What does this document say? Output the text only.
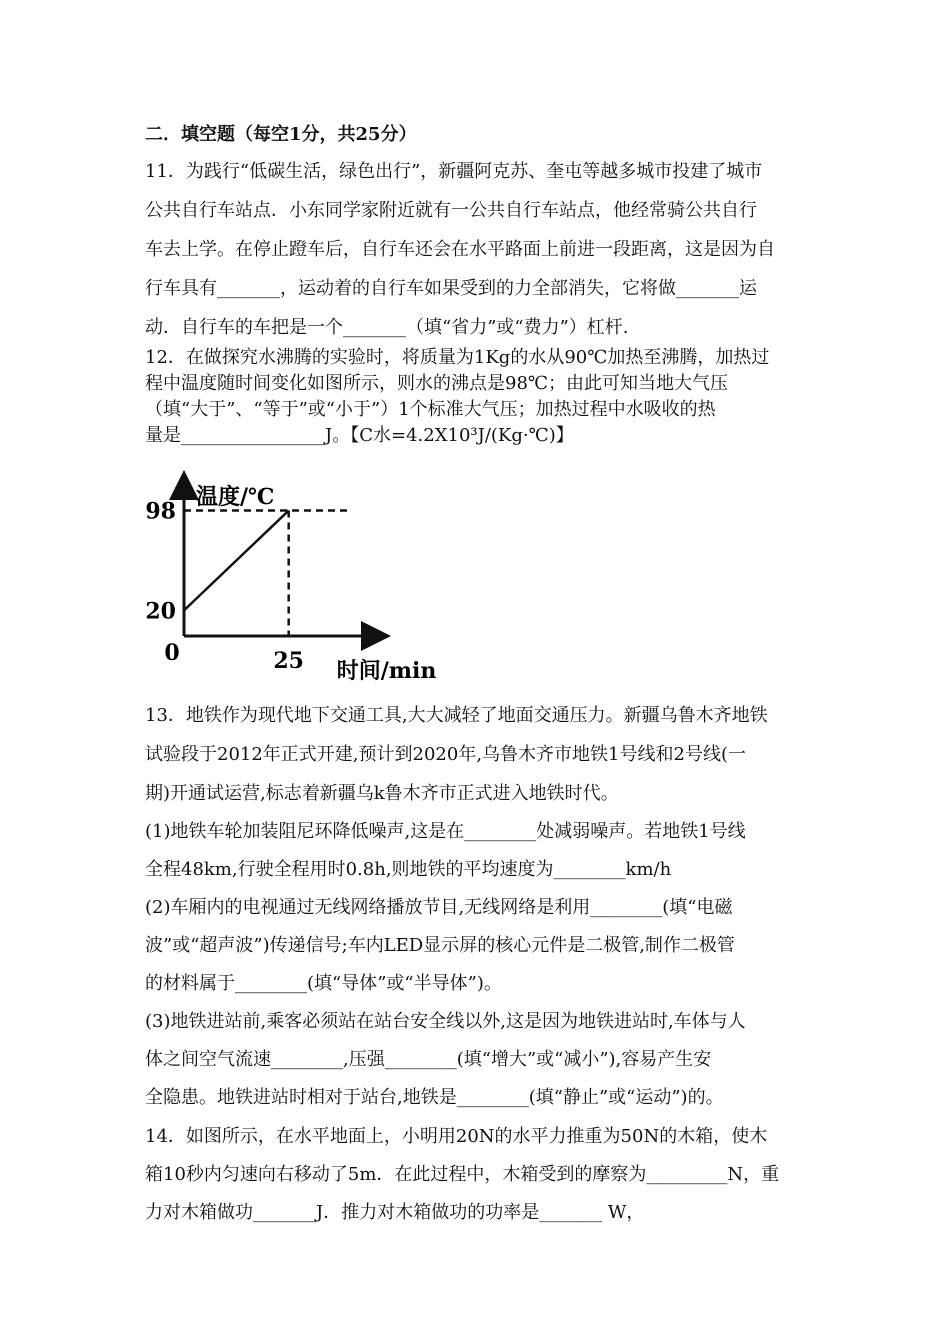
二．填空题（每空1分，共25分）
11．为践行“低碳生活，绿色出行”，新疆阿克苏、奎屯等越多城市投建了城市
公共自行车站点．小东同学家附近就有一公共自行车站点，他经常骑公共自行
车去上学。在停止蹬车后，自行车还会在水平路面上前进一段距离，这是因为自
行车具有_______，运动着的自行车如果受到的力全部消失，它将做_______运
动．自行车的车把是一个_______（填“省力”或“费力”）杠杆.
12．在做探究水沸腾的实验时，将质量为1Kg的水从90℃加热至沸腾，加热过
程中温度随时间变化如图所示，则水的沸点是98℃；由此可知当地大气压
（填“大于”、“等于”或“小于”）1个标准大气压；加热过程中水吸收的热
量是________________J。【C水=4.2X10³J/(Kg·℃)】
20
98
0	25
温度/℃
时间/min
13．地铁作为现代地下交通工具,大大减轻了地面交通压力。新疆乌鲁木齐地铁
试验段于2012年正式开建,预计到2020年,乌鲁木齐市地铁1号线和2号线(一
期)开通试运营,标志着新疆乌k鲁木齐市正式进入地铁时代。
(1)地铁车轮加装阻尼环降低噪声,这是在________处减弱噪声。若地铁1号线
全程48km,行驶全程用时0.8h,则地铁的平均速度为________km/h
(2)车厢内的电视通过无线网络播放节目,无线网络是利用________(填“电磁
波”或“超声波”)传递信号;车内LED显示屏的核心元件是二极管,制作二极管
的材料属于________(填“导体”或“半导体”)。
(3)地铁进站前,乘客必须站在站台安全线以外,这是因为地铁进站时,车体与人
体之间空气流速________,压强________(填“增大”或“减小”),容易产生安
全隐患。地铁进站时相对于站台,地铁是________(填“静止”或“运动”)的。
14．如图所示，在水平地面上，小明用20N的水平力推重为50N的木箱，使木
箱10秒内匀速向右移动了5m．在此过程中，木箱受到的摩察为_________N，重
力对木箱做功_______J．推力对木箱做功的功率是_______ W，
